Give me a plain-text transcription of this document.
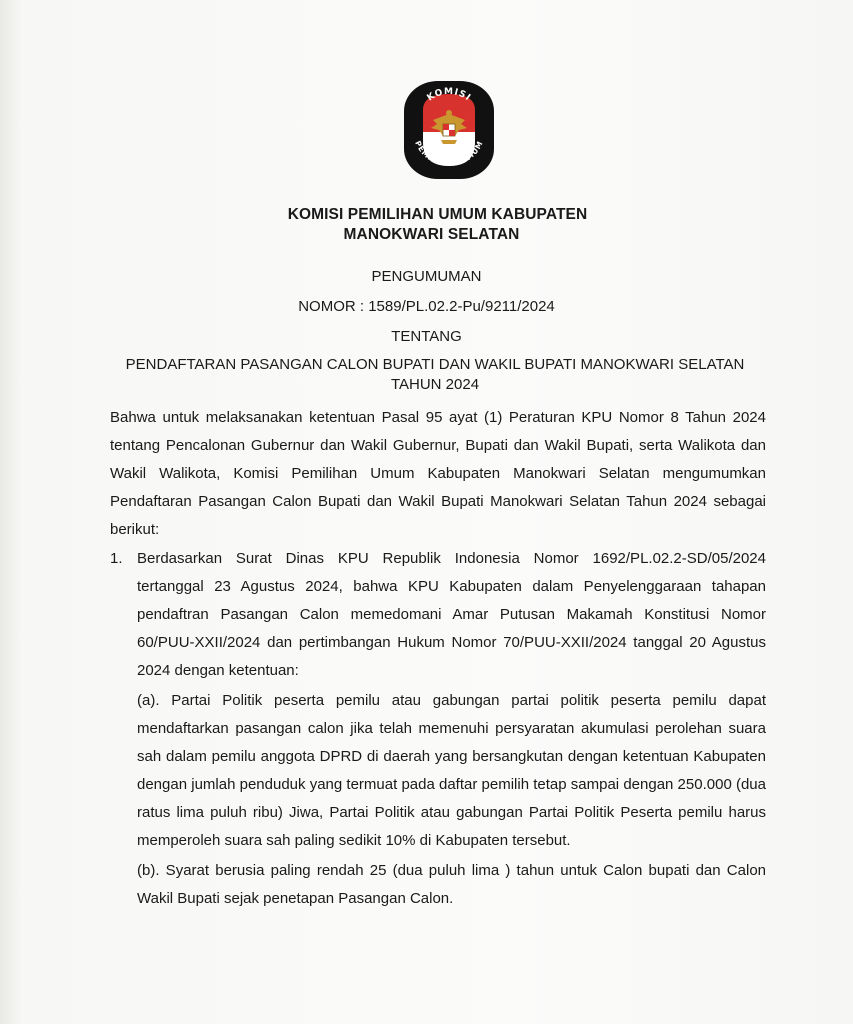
KOMISI
PEMILIHAN UMUM
KOMISI PEMILIHAN UMUM KABUPATEN
MANOKWARI SELATAN
PENGUMUMAN
NOMOR : 1589/PL.02.2-Pu/9211/2024
TENTANG
PENDAFTARAN PASANGAN CALON BUPATI DAN WAKIL BUPATI MANOKWARI SELATAN TAHUN 2024
Bahwa untuk melaksanakan ketentuan Pasal 95 ayat (1) Peraturan KPU Nomor 8 Tahun 2024 tentang Pencalonan Gubernur dan Wakil Gubernur, Bupati dan Wakil Bupati, serta Walikota dan Wakil Walikota, Komisi Pemilihan Umum Kabupaten Manokwari Selatan mengumumkan Pendaftaran Pasangan Calon Bupati dan Wakil Bupati Manokwari Selatan Tahun 2024 sebagai berikut:
1. Berdasarkan Surat Dinas KPU Republik Indonesia Nomor 1692/PL.02.2-SD/05/2024 tertanggal 23 Agustus 2024, bahwa KPU Kabupaten dalam Penyelenggaraan tahapan pendaftran Pasangan Calon memedomani Amar Putusan Makamah Konstitusi Nomor 60/PUU-XXII/2024 dan pertimbangan Hukum Nomor 70/PUU-XXII/2024 tanggal 20 Agustus 2024 dengan ketentuan:
(a). Partai Politik peserta pemilu atau gabungan partai politik peserta pemilu dapat mendaftarkan pasangan calon jika telah memenuhi persyaratan akumulasi perolehan suara sah dalam pemilu anggota DPRD di daerah yang bersangkutan dengan ketentuan Kabupaten dengan jumlah penduduk yang termuat pada daftar pemilih tetap sampai dengan 250.000 (dua ratus lima puluh ribu) Jiwa, Partai Politik atau gabungan Partai Politik Peserta pemilu harus memperoleh suara sah paling sedikit 10% di Kabupaten tersebut.
(b). Syarat berusia paling rendah 25 (dua puluh lima ) tahun untuk Calon bupati dan Calon Wakil Bupati sejak penetapan Pasangan Calon.
